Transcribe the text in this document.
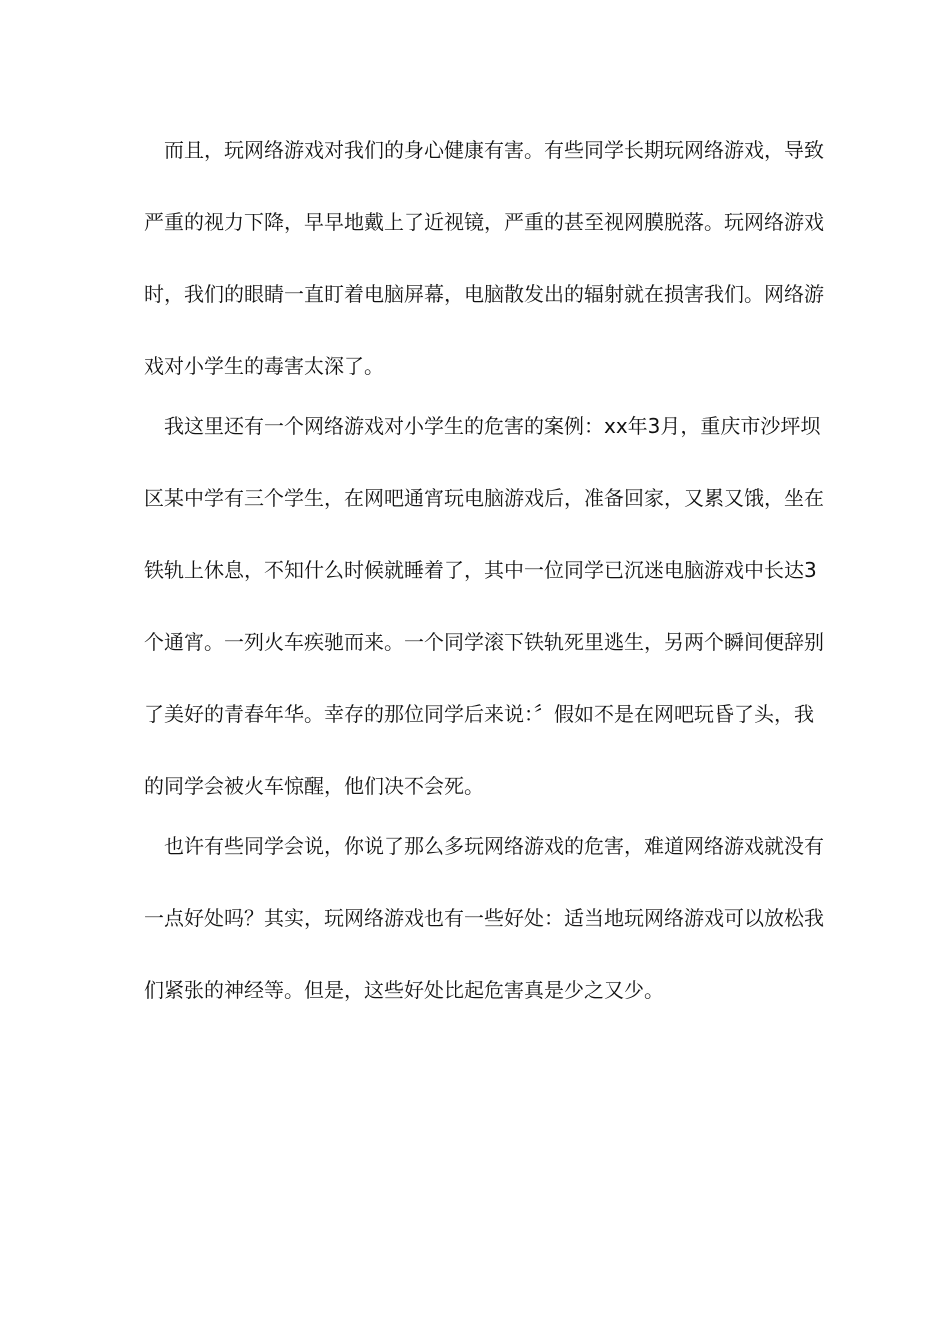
而且，玩网络游戏对我们的身心健康有害。有些同学长期玩网络游戏，导致
严重的视力下降，早早地戴上了近视镜，严重的甚至视网膜脱落。玩网络游戏
时，我们的眼睛一直盯着电脑屏幕，电脑散发出的辐射就在损害我们。网络游
戏对小学生的毒害太深了。
我这里还有一个网络游戏对小学生的危害的案例：xx年3月，重庆市沙坪坝
区某中学有三个学生，在网吧通宵玩电脑游戏后，准备回家，又累又饿，坐在
铁轨上休息，不知什么时候就睡着了，其中一位同学已沉迷电脑游戏中长达3
个通宵。一列火车疾驰而来。一个同学滚下铁轨死里逃生，另两个瞬间便辞别
了美好的青春年华。幸存的那位同学后来说：〞假如不是在网吧玩昏了头，我
的同学会被火车惊醒，他们决不会死。
也许有些同学会说，你说了那么多玩网络游戏的危害，难道网络游戏就没有
一点好处吗？其实，玩网络游戏也有一些好处：适当地玩网络游戏可以放松我
们紧张的神经等。但是，这些好处比起危害真是少之又少。
